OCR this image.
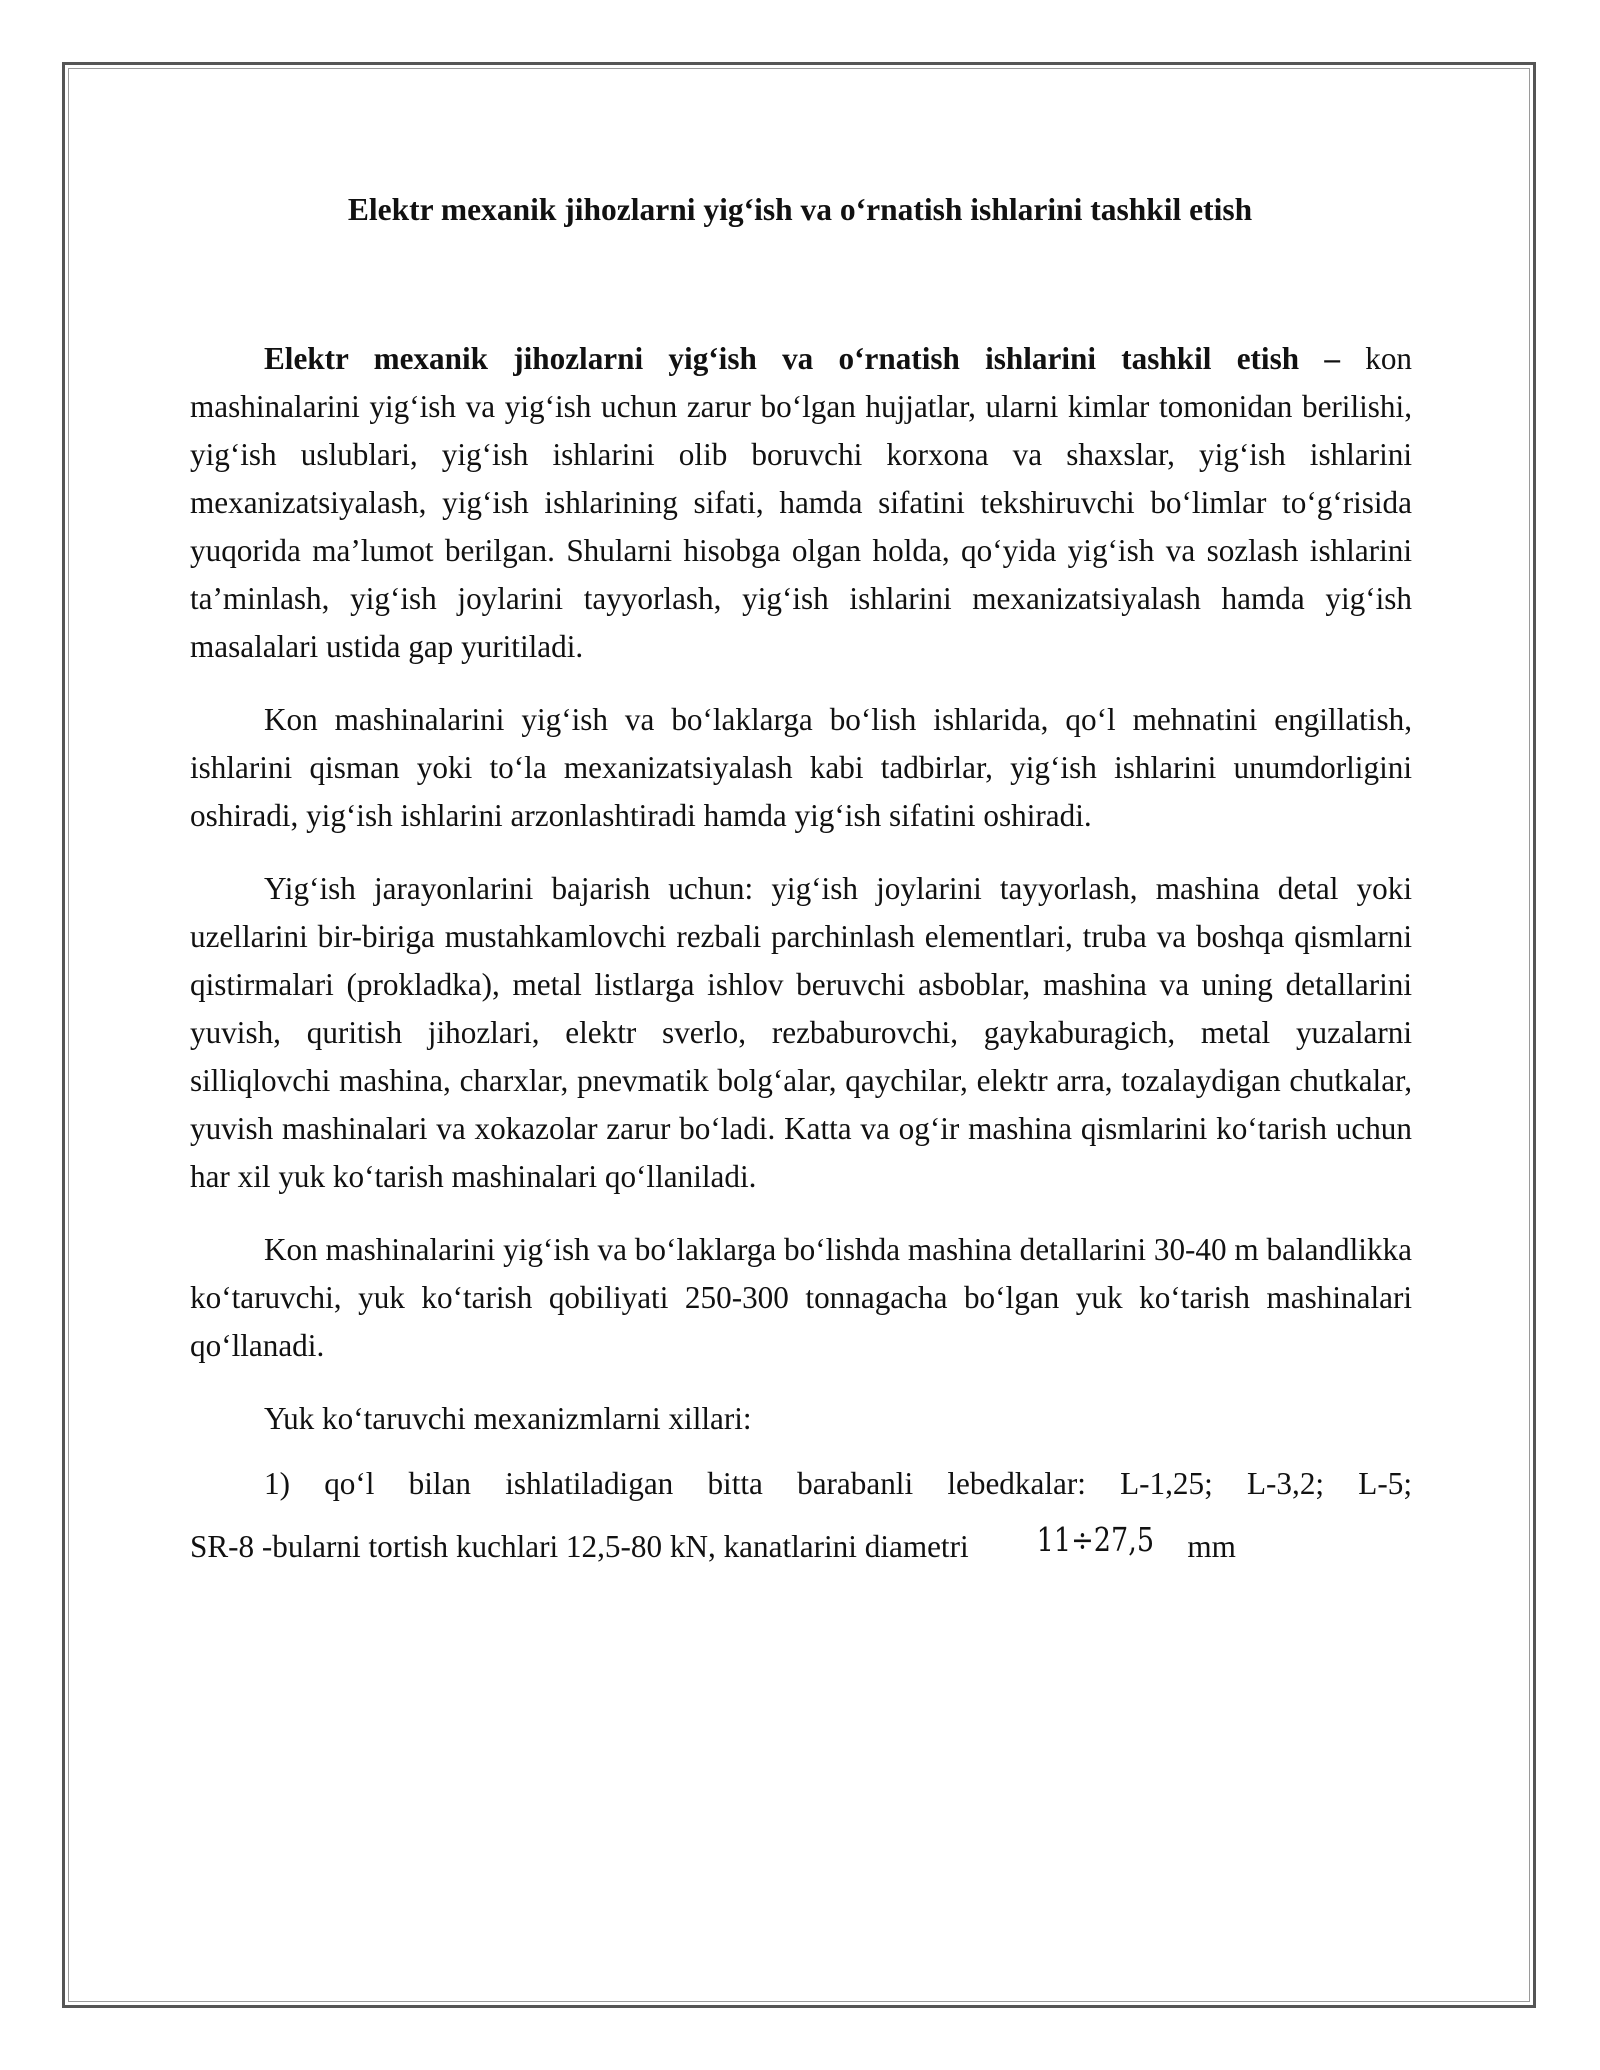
Elektr mexanik jihozlarni yig‘ish va o‘rnatish ishlarini tashkil etish

Elektr mexanik jihozlarni yig‘ish va o‘rnatish ishlarini tashkil etish – kon mashinalarini yig‘ish va yig‘ish uchun zarur bo‘lgan hujjatlar, ularni kimlar tomonidan berilishi, yig‘ish uslublari, yig‘ish ishlarini olib boruvchi korxona va shaxslar, yig‘ish ishlarini mexanizatsiyalash, yig‘ish ishlarining sifati, hamda sifatini tekshiruvchi bo‘limlar to‘g‘risida yuqorida ma’lumot berilgan. Shularni hisobga olgan holda, qo‘yida yig‘ish va sozlash ishlarini ta’minlash, yig‘ish joylarini tayyorlash, yig‘ish ishlarini mexanizatsiyalash hamda yig‘ish masalalari ustida gap yuritiladi.

Kon mashinalarini yig‘ish va bo‘laklarga bo‘lish ishlarida, qo‘l mehnatini engillatish, ishlarini qisman yoki to‘la mexanizatsiyalash kabi tadbirlar, yig‘ish ishlarini unumdorligini oshiradi, yig‘ish ishlarini arzonlashtiradi hamda yig‘ish sifatini oshiradi.

Yig‘ish jarayonlarini bajarish uchun: yig‘ish joylarini tayyorlash, mashina detal yoki uzellarini bir-biriga mustahkamlovchi rezbali parchinlash elementlari, truba va boshqa qismlarni qistirmalari (prokladka), metal listlarga ishlov beruvchi asboblar, mashina va uning detallarini yuvish, quritish jihozlari, elektr sverlo, rezbaburovchi, gaykaburagich, metal yuzalarni silliqlovchi mashina, charxlar, pnevmatik bolg‘alar, qaychilar, elektr arra, tozalaydigan chutkalar, yuvish mashinalari va xokazolar zarur bo‘ladi. Katta va og‘ir mashina qismlarini ko‘tarish uchun har xil yuk ko‘tarish mashinalari qo‘llaniladi.

Kon mashinalarini yig‘ish va bo‘laklarga bo‘lishda mashina detallarini 30-40 m balandlikka ko‘taruvchi, yuk ko‘tarish qobiliyati 250-300 tonnagacha bo‘lgan yuk ko‘tarish mashinalari qo‘llanadi.

Yuk ko‘taruvchi mexanizmlarni xillari:

1) qo‘l bilan ishlatiladigan bitta barabanli lebedkalar: L-1,25; L-3,2; L-5;
SR-8 -bularni tortish kuchlari 12,5-80 kN, kanatlarini diametri 11÷27,5 mm
